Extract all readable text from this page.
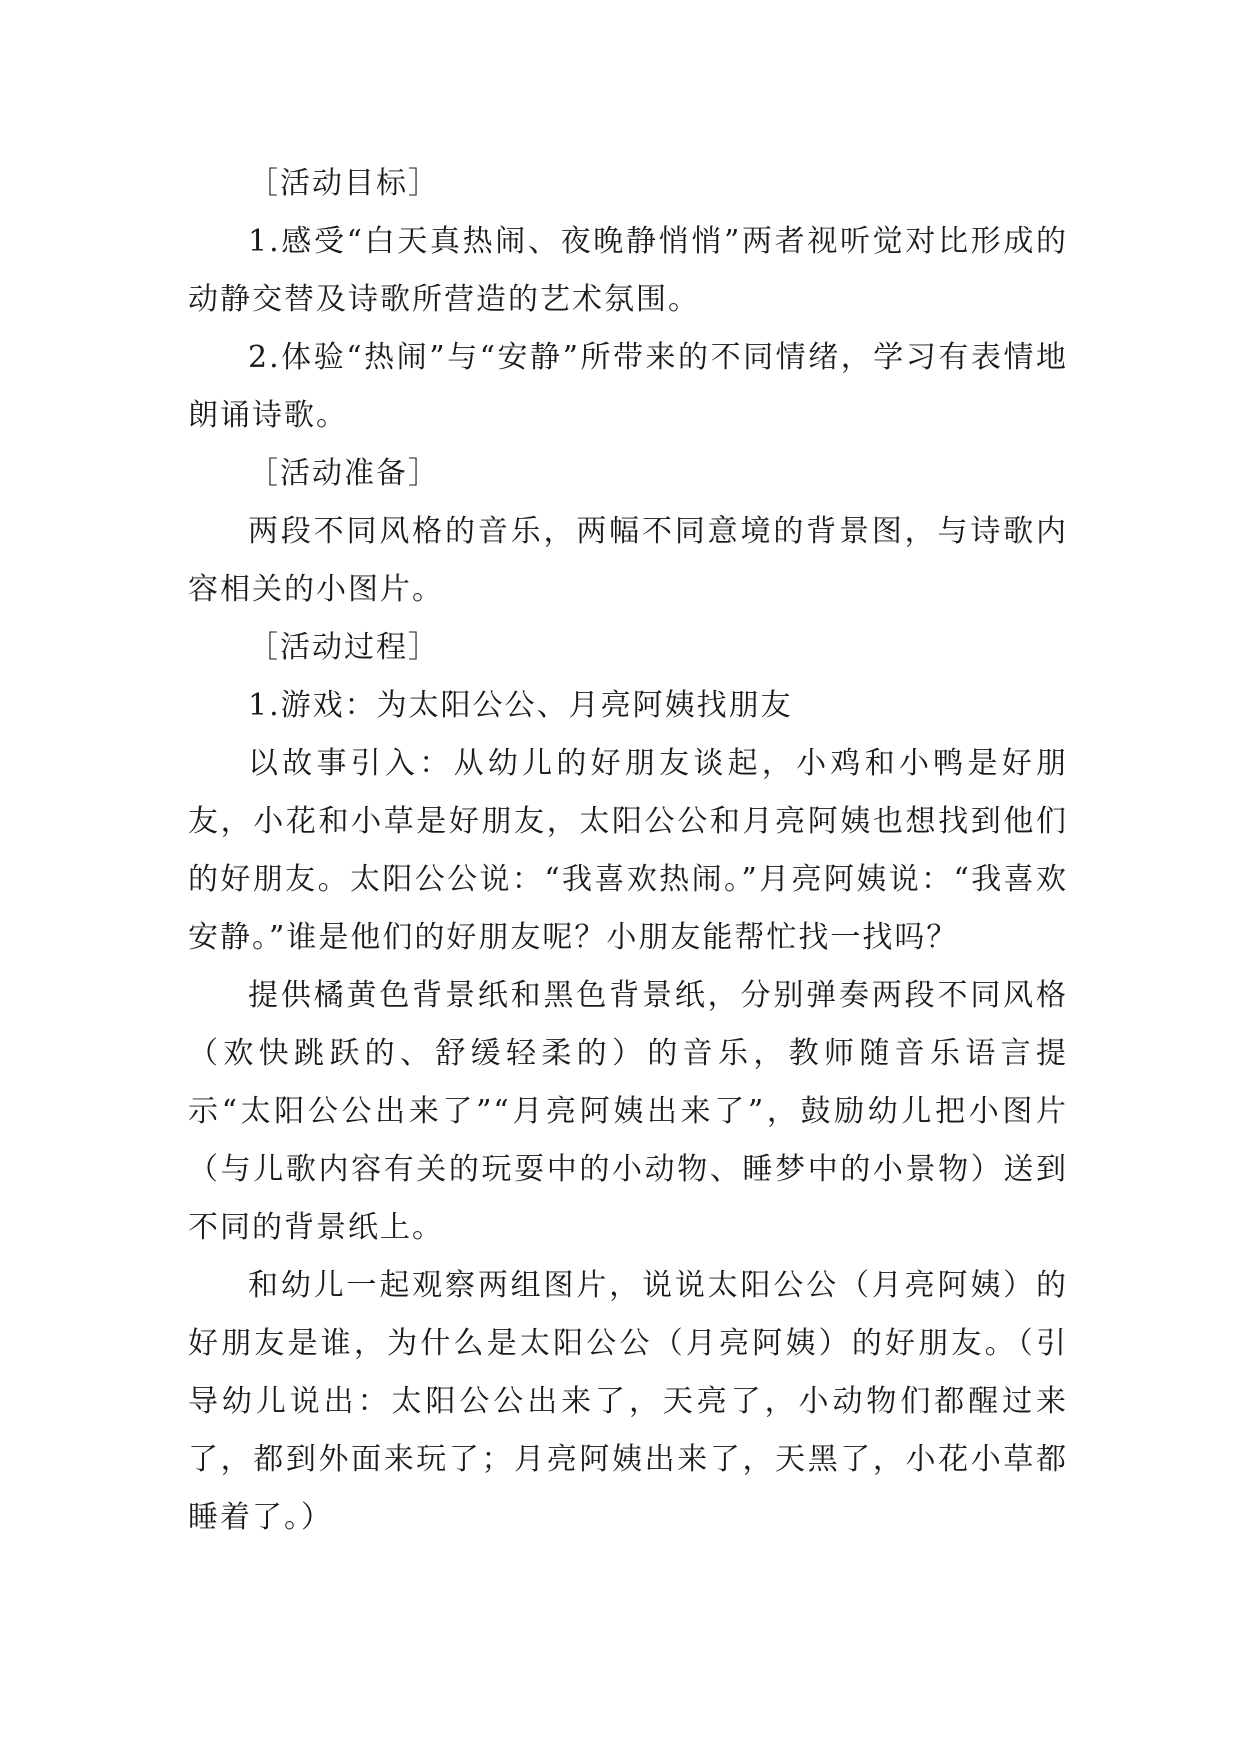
［活动目标］

1.感受“白天真热闹、夜晚静悄悄”两者视听觉对比形成的动静交替及诗歌所营造的艺术氛围。

2.体验“热闹”与“安静”所带来的不同情绪，学习有表情地朗诵诗歌。

［活动准备］

两段不同风格的音乐，两幅不同意境的背景图，与诗歌内容相关的小图片。

［活动过程］

1.游戏：为太阳公公、月亮阿姨找朋友

以故事引入：从幼儿的好朋友谈起，小鸡和小鸭是好朋友，小花和小草是好朋友，太阳公公和月亮阿姨也想找到他们的好朋友。太阳公公说：“我喜欢热闹。”月亮阿姨说：“我喜欢安静。”谁是他们的好朋友呢？小朋友能帮忙找一找吗？

提供橘黄色背景纸和黑色背景纸，分别弹奏两段不同风格（欢快跳跃的、舒缓轻柔的）的音乐，教师随音乐语言提示“太阳公公出来了”“月亮阿姨出来了”，鼓励幼儿把小图片（与儿歌内容有关的玩耍中的小动物、睡梦中的小景物）送到不同的背景纸上。

和幼儿一起观察两组图片，说说太阳公公（月亮阿姨）的好朋友是谁，为什么是太阳公公（月亮阿姨）的好朋友。（引导幼儿说出：太阳公公出来了，天亮了，小动物们都醒过来了，都到外面来玩了；月亮阿姨出来了，天黑了，小花小草都睡着了。）
